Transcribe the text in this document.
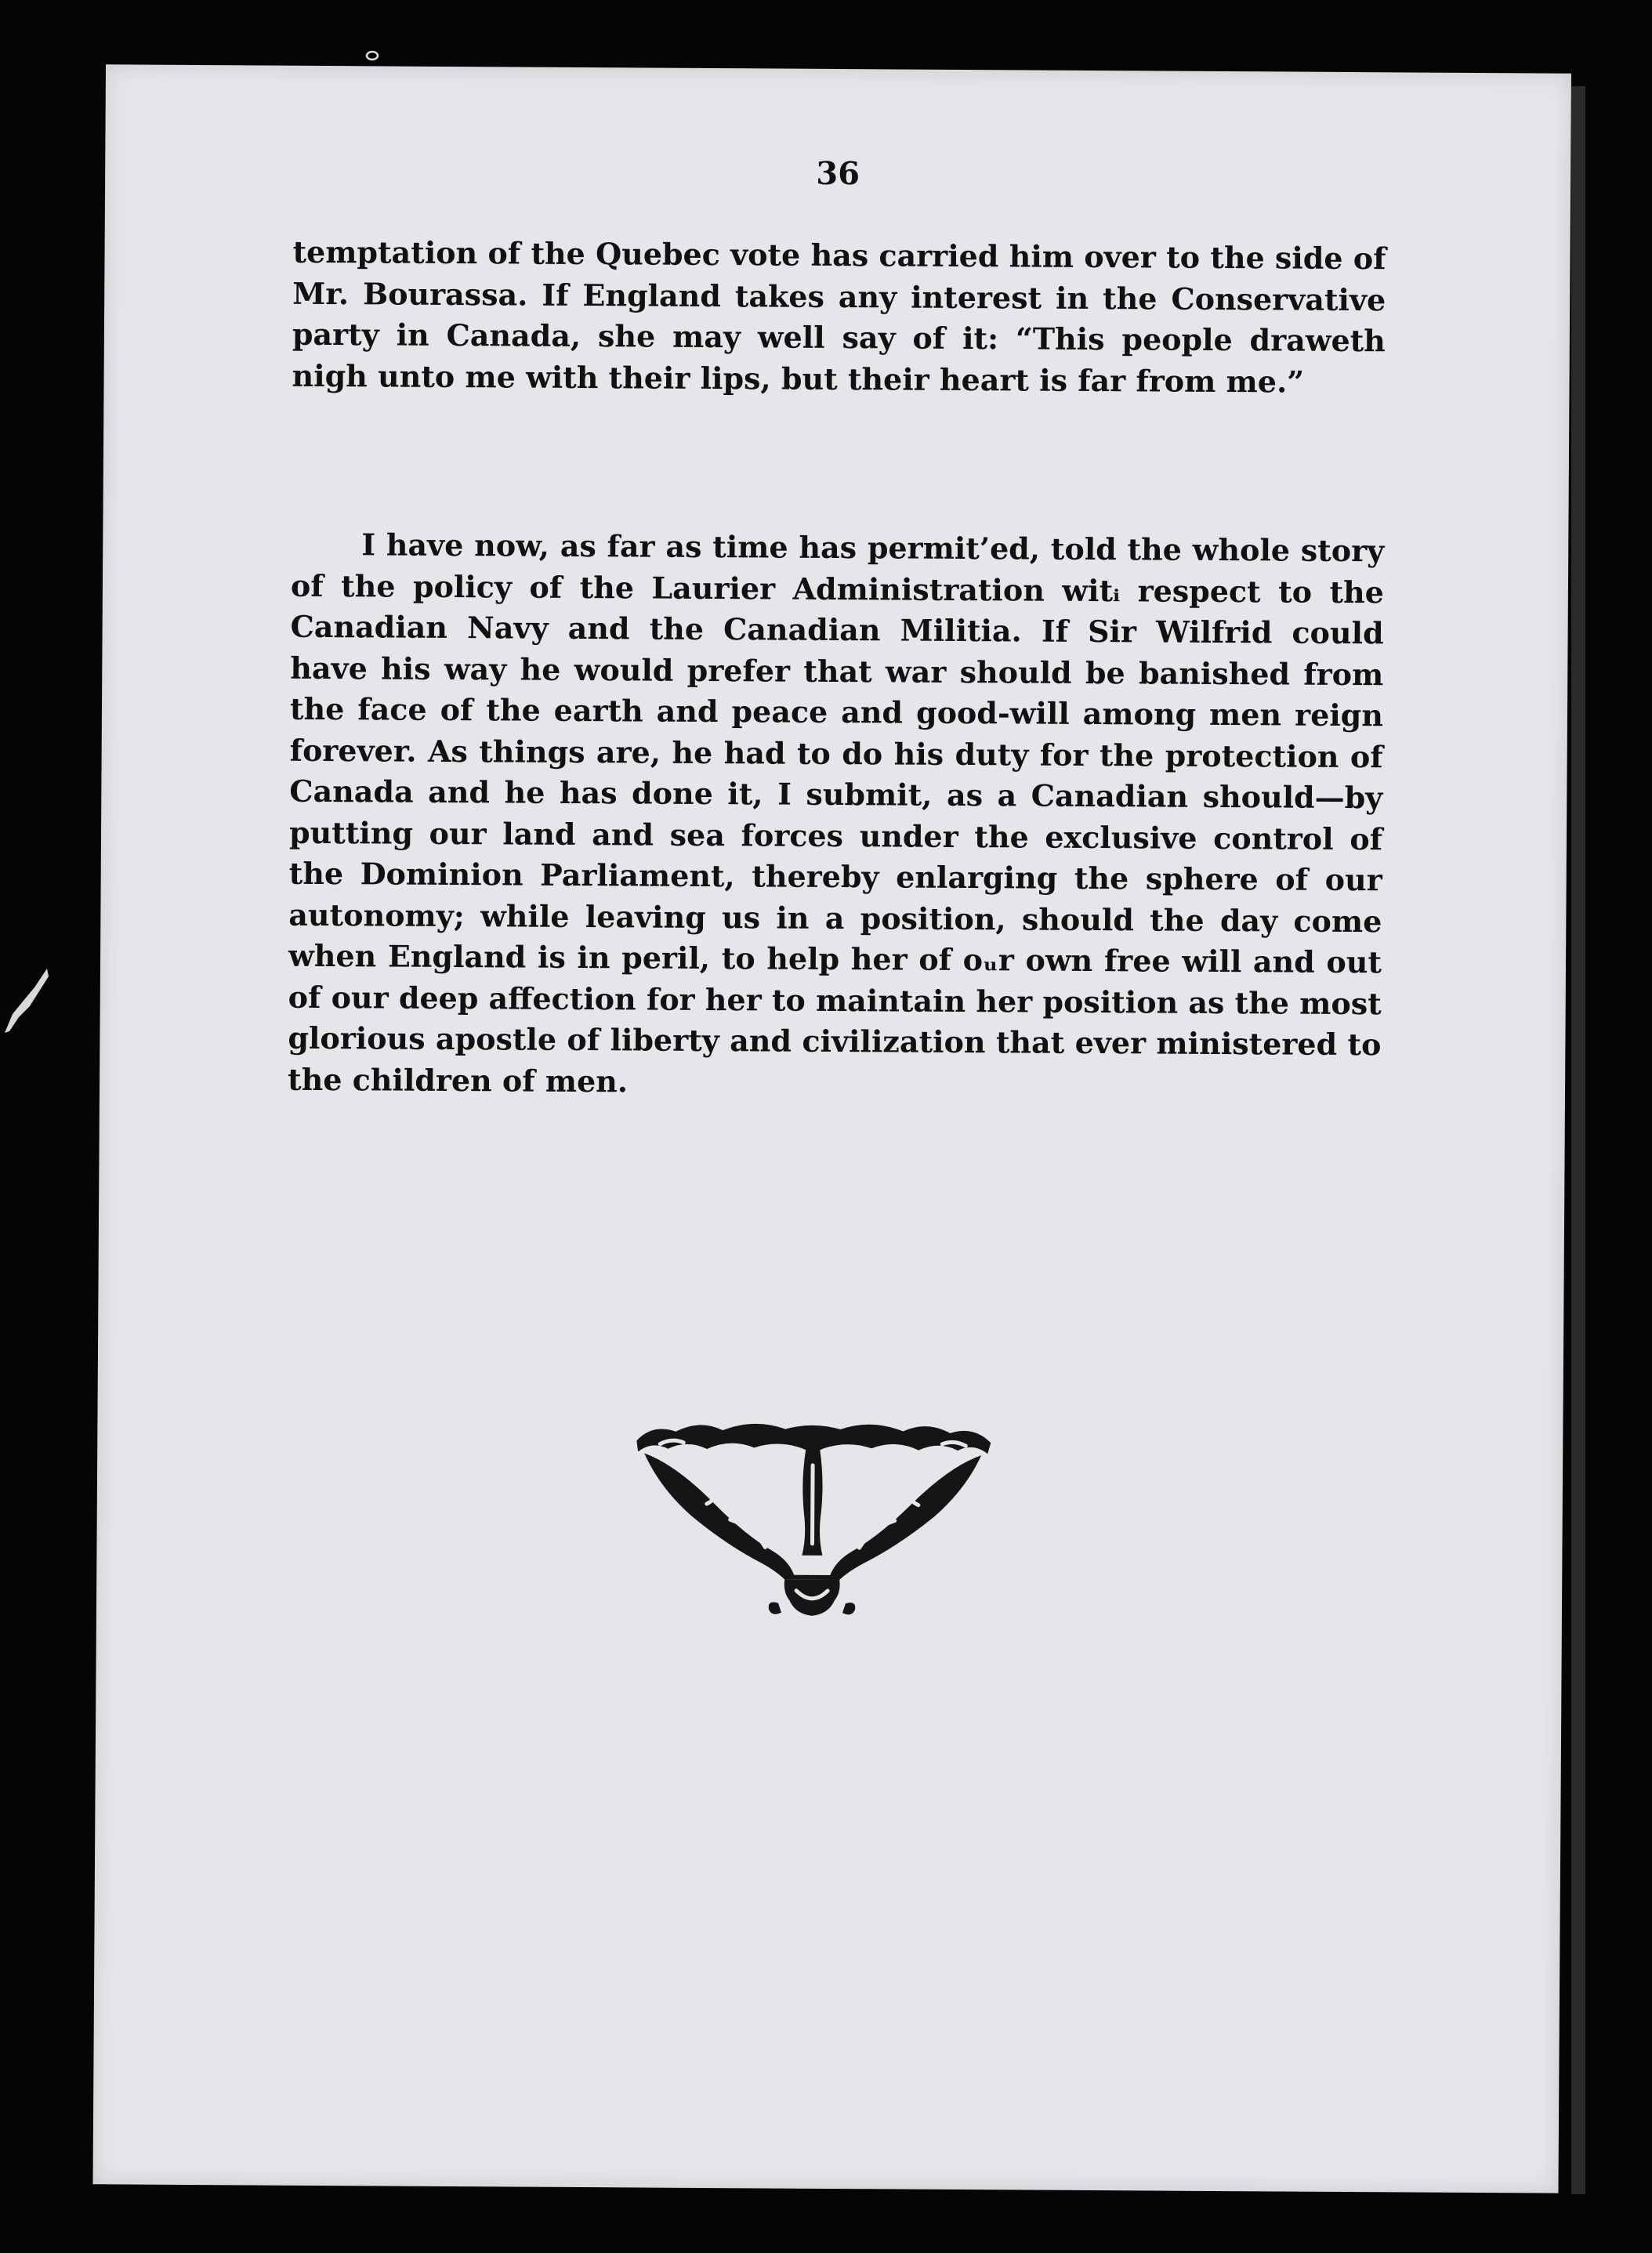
36

temptation of the Quebec vote has carried him over to the side of Mr. Bourassa. If England takes any interest in the Conservative party in Canada, she may well say of it: “This people draweth nigh unto me with their lips, but their heart is far from me.”

I have now, as far as time has permit’ed, told the whole story of the policy of the Laurier Administration witᵢ respect to the Canadian Navy and the Canadian Militia. If Sir Wilfrid could have his way he would prefer that war should be banished from the face of the earth and peace and good-will among men reign forever. As things are, he had to do his duty for the protection of Canada and he has done it, I submit, as a Canadian should—by putting our land and sea forces under the exclusive control of the Dominion Parliament, thereby enlarging the sphere of our autonomy; while leaving us in a position, should the day come when England is in peril, to help her of oᵤr own free will and out of our deep affection for her to maintain her position as the most glorious apostle of liberty and civilization that ever ministered to the children of men.
